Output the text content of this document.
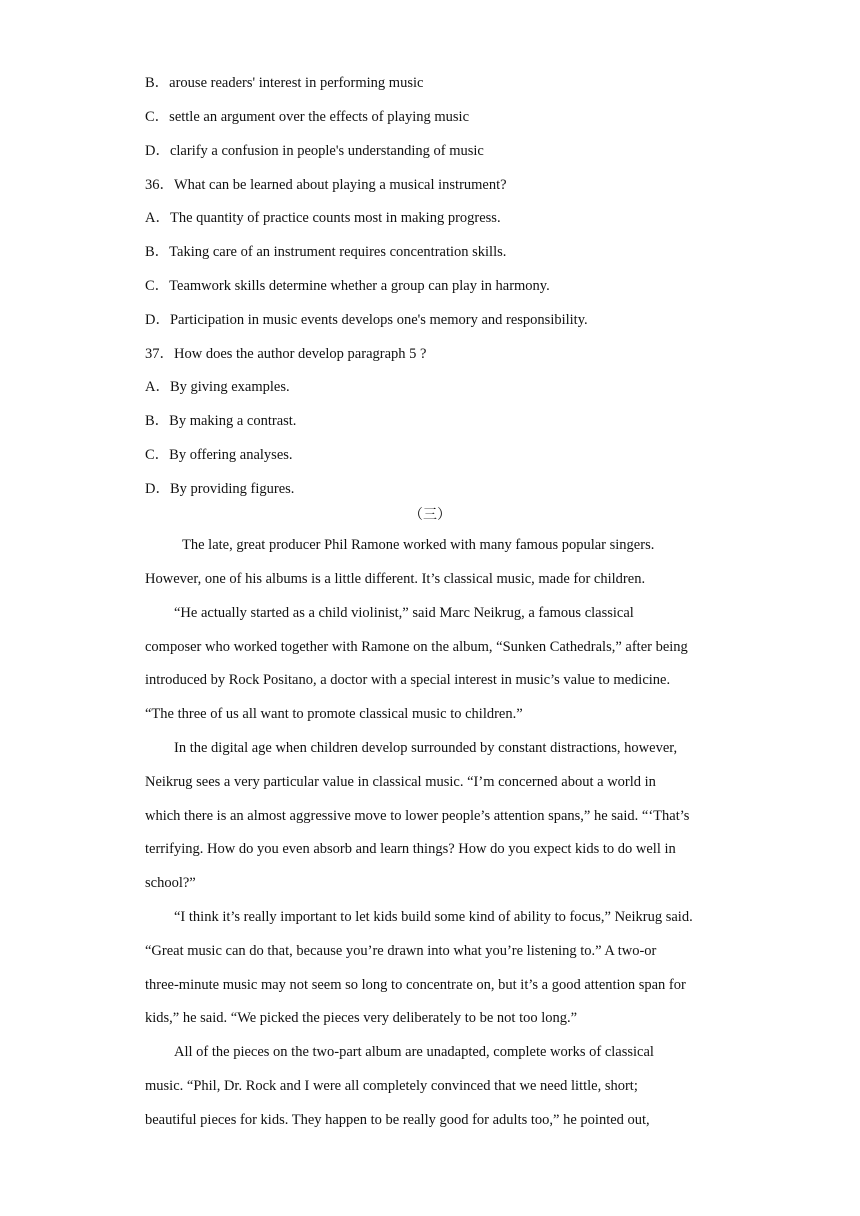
B．arouse readers' interest in performing music
C．settle an argument over the effects of playing music
D．clarify a confusion in people's understanding of music
36．What can be learned about playing a musical instrument?
A．The quantity of practice counts most in making progress.
B．Taking care of an instrument requires concentration skills.
C．Teamwork skills determine whether a group can play in harmony.
D．Participation in music events develops one's memory and responsibility.
37．How does the author develop paragraph 5 ?
A．By giving examples.
B．By making a contrast.
C．By offering analyses.
D．By providing figures.
（三）
The late, great producer Phil Ramone worked with many famous popular singers.
However, one of his albums is a little different. It’s classical music, made for children.
“He actually started as a child violinist,” said Marc Neikrug, a famous classical
composer who worked together with Ramone on the album, “Sunken Cathedrals,” after being
introduced by Rock Positano, a doctor with a special interest in music’s value to medicine.
“The three of us all want to promote classical music to children.”
In the digital age when children develop surrounded by constant distractions, however,
Neikrug sees a very particular value in classical music. “I’m concerned about a world in
which there is an almost aggressive move to lower people’s attention spans,” he said. “‘That’s
terrifying. How do you even absorb and learn things? How do you expect kids to do well in
school?”
“I think it’s really important to let kids build some kind of ability to focus,” Neikrug said.
“Great music can do that, because you’re drawn into what you’re listening to.” A two-or
three-minute music may not seem so long to concentrate on, but it’s a good attention span for
kids,” he said. “We picked the pieces very deliberately to be not too long.”
All of the pieces on the two-part album are unadapted, complete works of classical
music. “Phil, Dr. Rock and I were all completely convinced that we need little, short;
beautiful pieces for kids. They happen to be really good for adults too,” he pointed out,
